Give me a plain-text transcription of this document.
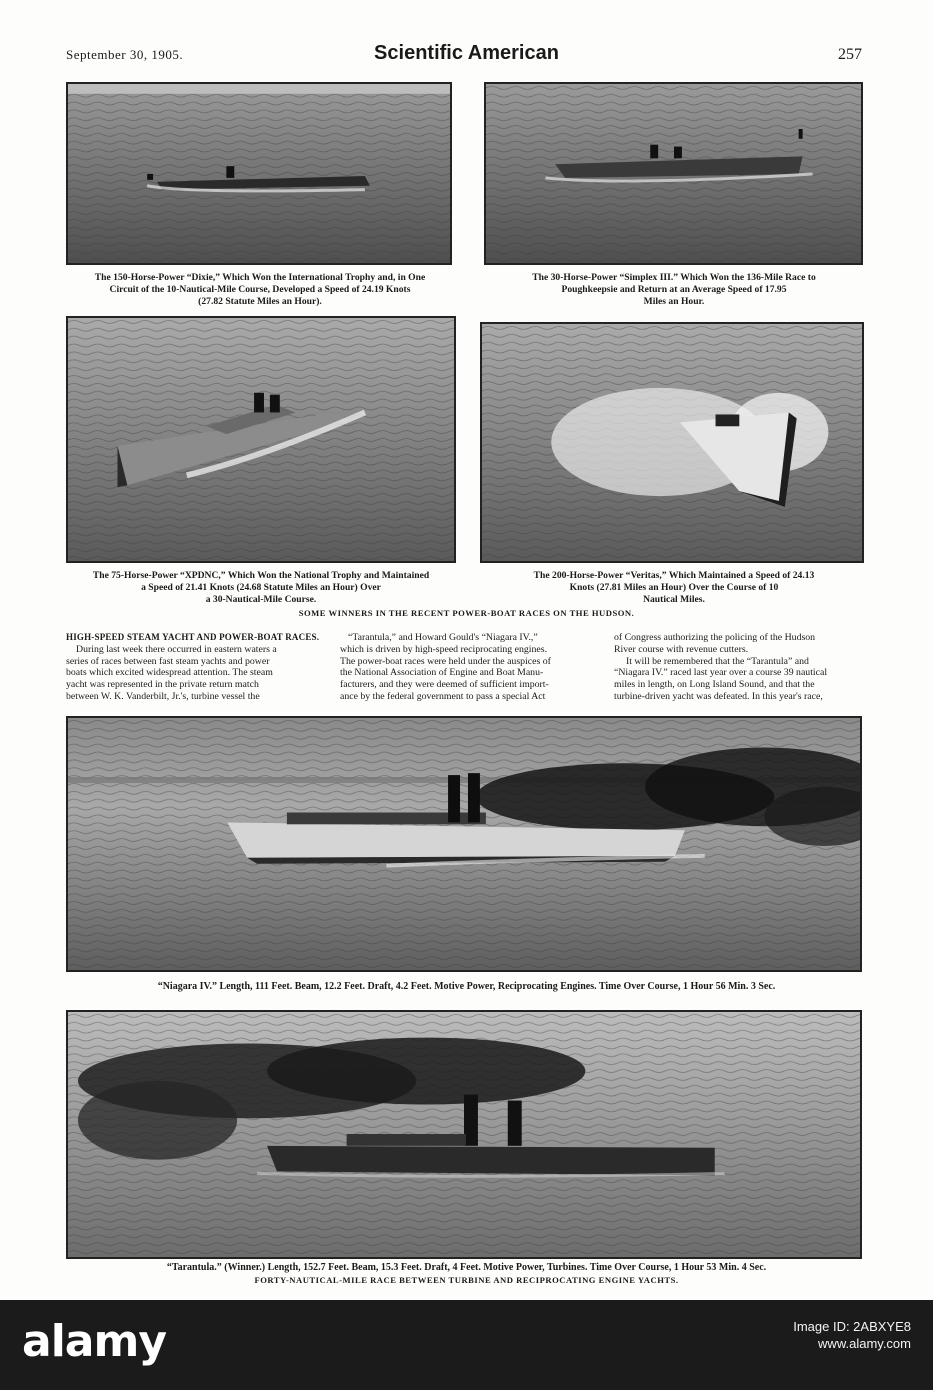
September 30, 1905.	Scientific American	257
The 150-Horse-Power “Dixie,” Which Won the International Trophy and, in One
Circuit of the 10-Nautical-Mile Course, Developed a Speed of 24.19 Knots
(27.82 Statute Miles an Hour).
The 30-Horse-Power “Simplex III.” Which Won the 136-Mile Race to
Poughkeepsie and Return at an Average Speed of 17.95
Miles an Hour.
The 75-Horse-Power “XPDNC,” Which Won the National Trophy and Maintained
a Speed of 21.41 Knots (24.68 Statute Miles an Hour) Over
a 30-Nautical-Mile Course.
The 200-Horse-Power “Veritas,” Which Maintained a Speed of 24.13
Knots (27.81 Miles an Hour) Over the Course of 10
Nautical Miles.
SOME WINNERS IN THE RECENT POWER-BOAT RACES ON THE HUDSON.
HIGH-SPEED STEAM YACHT AND POWER-BOAT RACES.
During last week there occurred in eastern waters a
series of races between fast steam yachts and power
boats which excited widespread attention. The steam
yacht was represented in the private return match
between W. K. Vanderbilt, Jr.'s, turbine vessel the
“Tarantula,” and Howard Gould's “Niagara IV.,”
which is driven by high-speed reciprocating engines.
The power-boat races were held under the auspices of
the National Association of Engine and Boat Manu-
facturers, and they were deemed of sufficient import-
ance by the federal government to pass a special Act
of Congress authorizing the policing of the Hudson
River course with revenue cutters.
It will be remembered that the “Tarantula” and
“Niagara IV.” raced last year over a course 39 nautical
miles in length, on Long Island Sound, and that the
turbine-driven yacht was defeated. In this year's race,
“Niagara IV.” Length, 111 Feet. Beam, 12.2 Feet. Draft, 4.2 Feet. Motive Power, Reciprocating Engines. Time Over Course, 1 Hour 56 Min. 3 Sec.
“Tarantula.” (Winner.) Length, 152.7 Feet. Beam, 15.3 Feet. Draft, 4 Feet. Motive Power, Turbines. Time Over Course, 1 Hour 53 Min. 4 Sec.
FORTY-NAUTICAL-MILE RACE BETWEEN TURBINE AND RECIPROCATING ENGINE YACHTS.
alamy	Image ID: 2ABXYE8
www.alamy.com
